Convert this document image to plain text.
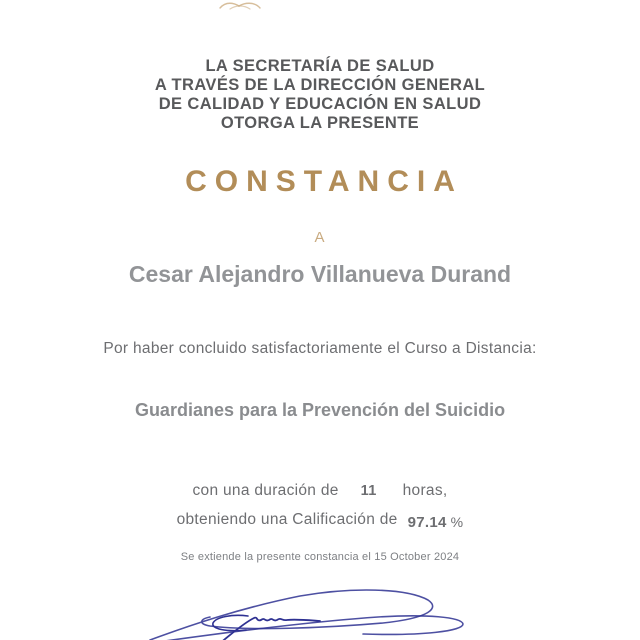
LA SECRETARÍA DE SALUD
A TRAVÉS DE LA DIRECCIÓN GENERAL
DE CALIDAD Y EDUCACIÓN EN SALUD
OTORGA LA PRESENTE
CONSTANCIA
A
Cesar Alejandro Villanueva Durand
Por haber concluido satisfactoriamente el Curso a Distancia:
Guardianes para la Prevención del Suicidio
con una duración de 11 horas,
obteniendo una Calificación de 97.14 %
Se extiende la presente constancia el 15 October 2024
